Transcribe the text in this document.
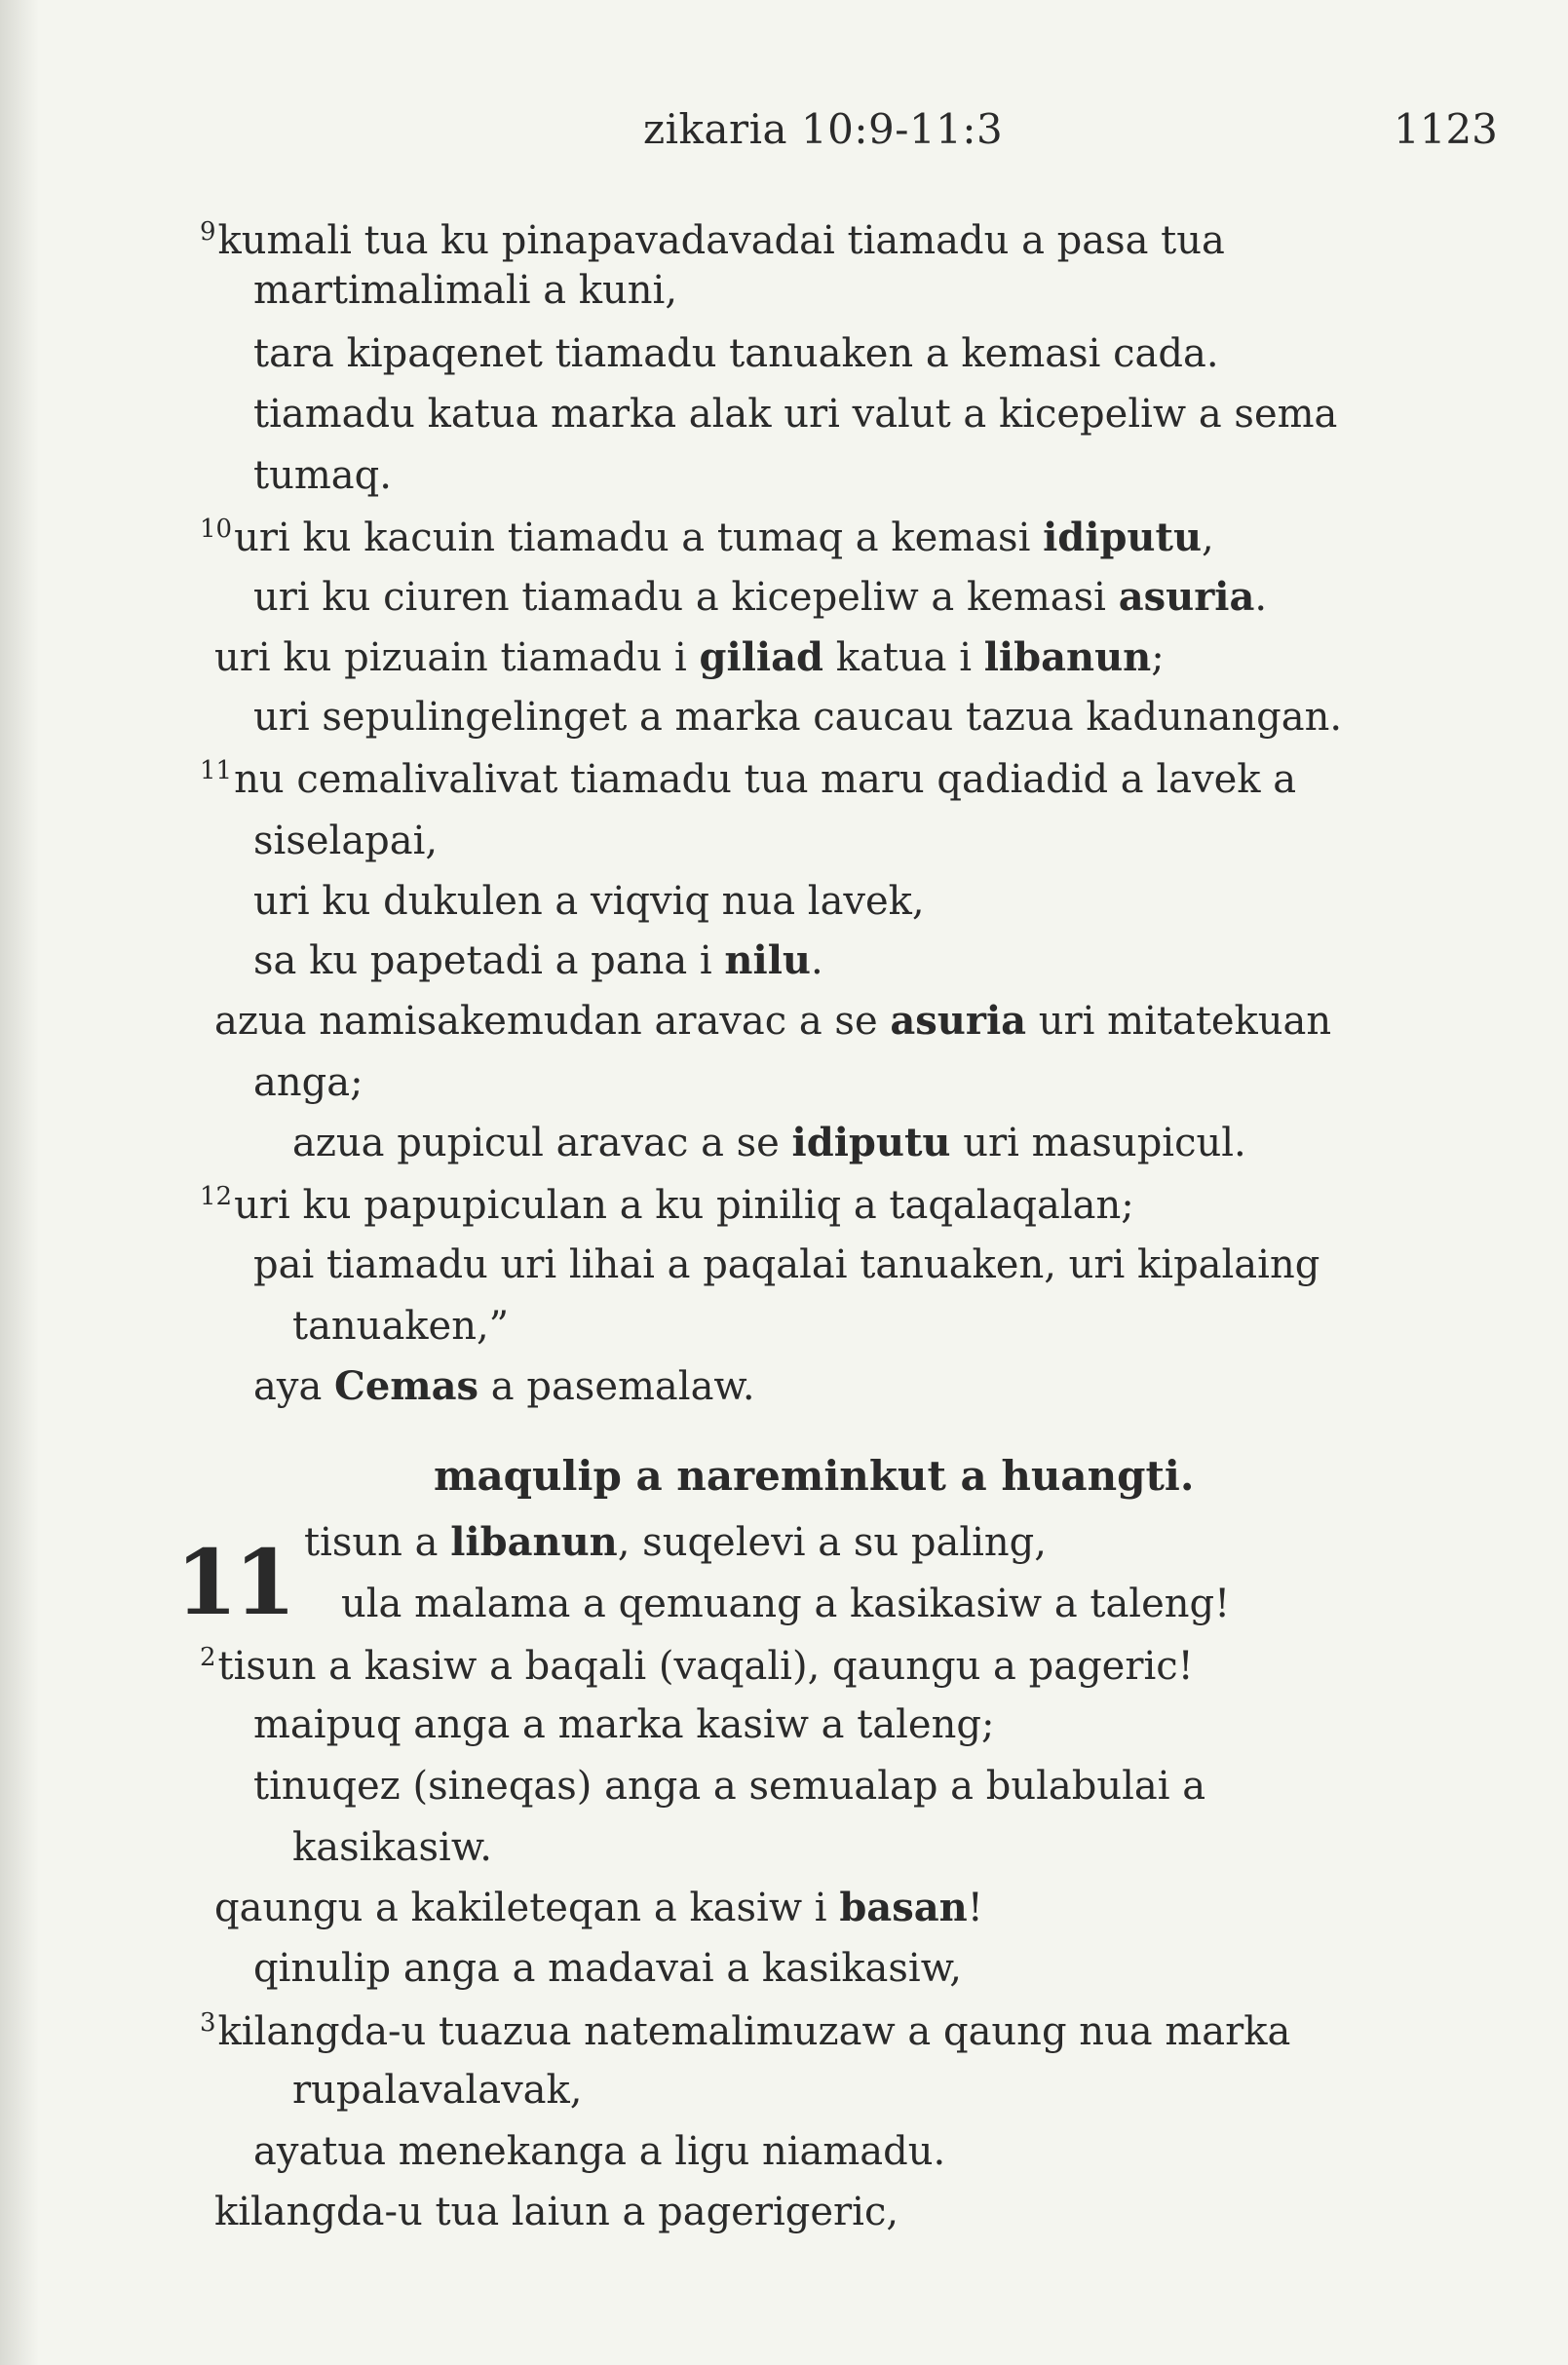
zikaria 10:9-11:3	1123
$^9$kumali tua ku pinapavadavadai tiamadu a pasa tua
martimalimali a kuni,
tara kipaqenet tiamadu tanuaken a kemasi cada.
tiamadu katua marka alak uri valut a kicepeliw a sema
tumaq.
$^{10}$uri ku kacuin tiamadu a tumaq a kemasi idiputu,
uri ku ciuren tiamadu a kicepeliw a kemasi asuria.
uri ku pizuain tiamadu i giliad katua i libanun;
uri sepulingelinget a marka caucau tazua kadunangan.
$^{11}$nu cemalivalivat tiamadu tua maru qadiadid a lavek a
siselapai,
uri ku dukulen a viqviq nua lavek,
sa ku papetadi a pana i nilu.
azua namisakemudan aravac a se asuria uri mitatekuan
anga;
azua pupicul aravac a se idiputu uri masupicul.
$^{12}$uri ku papupiculan a ku piniliq a taqalaqalan;
pai tiamadu uri lihai a paqalai tanuaken, uri kipalaing
tanuaken,”
aya Cemas a pasemalaw.
maqulip a nareminkut a huangti.
11 tisun a libanun, suqelevi a su paling,
ula malama a qemuang a kasikasiw a taleng!
$^2$tisun a kasiw a baqali (vaqali), qaungu a pageric!
maipuq anga a marka kasiw a taleng;
tinuqez (sineqas) anga a semualap a bulabulai a
kasikasiw.
qaungu a kakileteqan a kasiw i basan!
qinulip anga a madavai a kasikasiw,
$^3$kilangda-u tuazua natemalimuzaw a qaung nua marka
rupalavalavak,
ayatua menekanga a ligu niamadu.
kilangda-u tua laiun a pagerigeric,
